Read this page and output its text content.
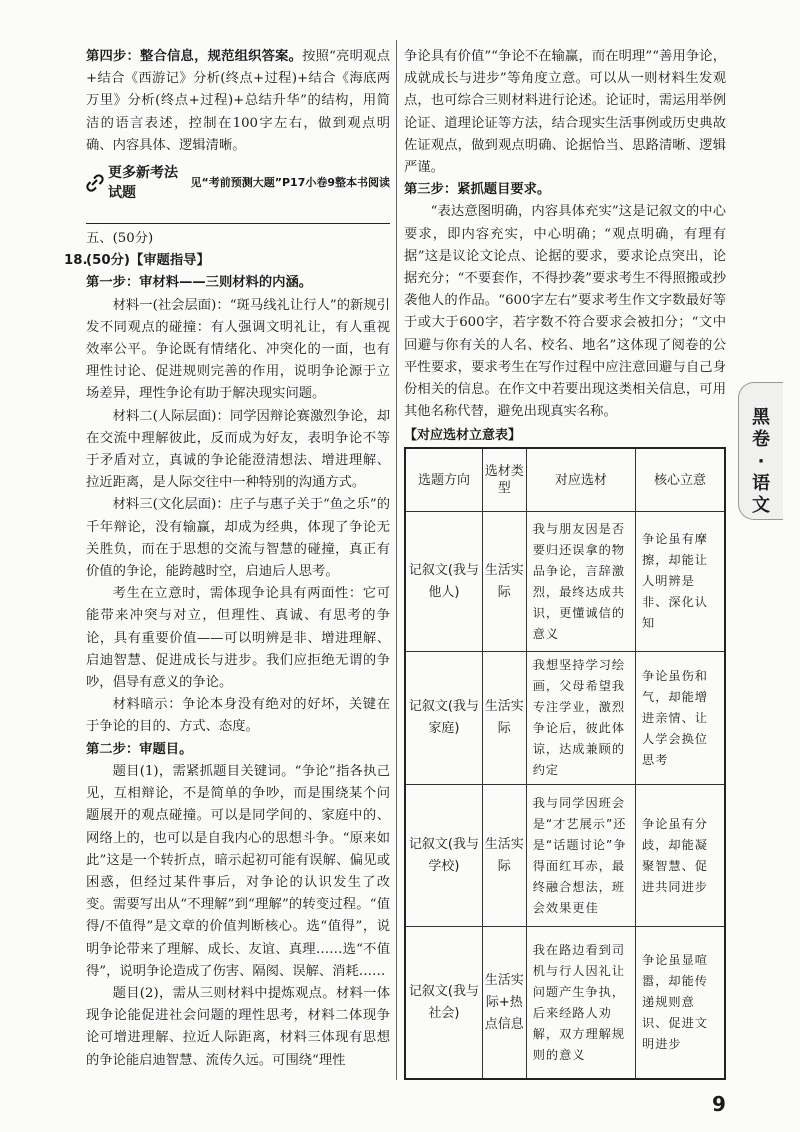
第四步：整合信息，规范组织答案。按照“亮明观点+结合《西游记》分析(终点+过程)+结合《海底两万里》分析(终点+过程)+总结升华”的结构，用简洁的语言表述，控制在100字左右，做到观点明确、内容具体、逻辑清晰。

更多新考法试题
见“考前预测大题”P17小卷9整本书阅读

五、(50分)

18.
(50分)【审题指导】

第一步：审材料——三则材料的内涵。

材料一(社会层面)：“斑马线礼让行人”的新规引发不同观点的碰撞：有人强调文明礼让，有人重视效率公平。争论既有情绪化、冲突化的一面，也有理性讨论、促进规则完善的作用，说明争论源于立场差异，理性争论有助于解决现实问题。

材料二(人际层面)：同学因辩论赛激烈争论，却在交流中理解彼此，反而成为好友，表明争论不等于矛盾对立，真诚的争论能澄清想法、增进理解、拉近距离，是人际交往中一种特别的沟通方式。

材料三(文化层面)：庄子与惠子关于“鱼之乐”的千年辩论，没有输赢，却成为经典，体现了争论无关胜负，而在于思想的交流与智慧的碰撞，真正有价值的争论，能跨越时空，启迪后人思考。

考生在立意时，需体现争论具有两面性：它可能带来冲突与对立，但理性、真诚、有思考的争论，具有重要价值——可以明辨是非、增进理解、启迪智慧、促进成长与进步。我们应拒绝无谓的争吵，倡导有意义的争论。

材料暗示：争论本身没有绝对的好坏，关键在于争论的目的、方式、态度。

第二步：审题目。

题目(1)，需紧抓题目关键词。“争论”指各执己见，互相辩论，不是简单的争吵，而是围绕某个问题展开的观点碰撞。可以是同学间的、家庭中的、网络上的，也可以是自我内心的思想斗争。“原来如此”这是一个转折点，暗示起初可能有误解、偏见或困惑，但经过某件事后，对争论的认识发生了改变。需要写出从“不理解”到“理解”的转变过程。“值得/不值得”是文章的价值判断核心。选“值得”，说明争论带来了理解、成长、友谊、真理……选“不值得”，说明争论造成了伤害、隔阂、误解、消耗……

题目(2)，需从三则材料中提炼观点。材料一体现争论能促进社会问题的理性思考，材料二体现争论可增进理解、拉近人际距离，材料三体现有思想的争论能启迪智慧、流传久远。可围绕“理性

争论具有价值”“争论不在输赢，而在明理”“善用争论，成就成长与进步”等角度立意。可以从一则材料生发观点，也可综合三则材料进行论述。论证时，需运用举例论证、道理论证等方法，结合现实生活事例或历史典故佐证观点，做到观点明确、论据恰当、思路清晰、逻辑严谨。

第三步：紧抓题目要求。

“表达意图明确，内容具体充实”这是记叙文的中心要求，即内容充实，中心明确；“观点明确，有理有据”这是议论文论点、论据的要求，要求论点突出，论据充分；“不要套作，不得抄袭”要求考生不得照搬或抄袭他人的作品。“600字左右”要求考生作文字数最好等于或大于600字，若字数不符合要求会被扣分；“文中回避与你有关的人名、校名、地名”这体现了阅卷的公平性要求，要求考生在写作过程中应注意回避与自己身份相关的信息。在作文中若要出现这类相关信息，可用其他名称代替，避免出现真实名称。

【对应选材立意表】
选题方向	选材类型	对应选材	核心立意
记叙文(我与他人)	生活实际	我与朋友因是否要归还误拿的物品争论，言辞激烈，最终达成共识，更懂诚信的意义	争论虽有摩擦，却能让人明辨是非、深化认知
记叙文(我与家庭)	生活实际	我想坚持学习绘画，父母希望我专注学业，激烈争论后，彼此体谅，达成兼顾的约定	争论虽伤和气，却能增进亲情、让人学会换位思考
记叙文(我与学校)	生活实际	我与同学因班会是“才艺展示”还是“话题讨论”争得面红耳赤，最终融合想法，班会效果更佳	争论虽有分歧，却能凝聚智慧、促进共同进步
记叙文(我与社会)	生活实际+热点信息	我在路边看到司机与行人因礼让问题产生争执，后来经路人劝解，双方理解规则的意义	争论虽显喧嚣，却能传递规则意识、促进文明进步
黑卷·语文
9
